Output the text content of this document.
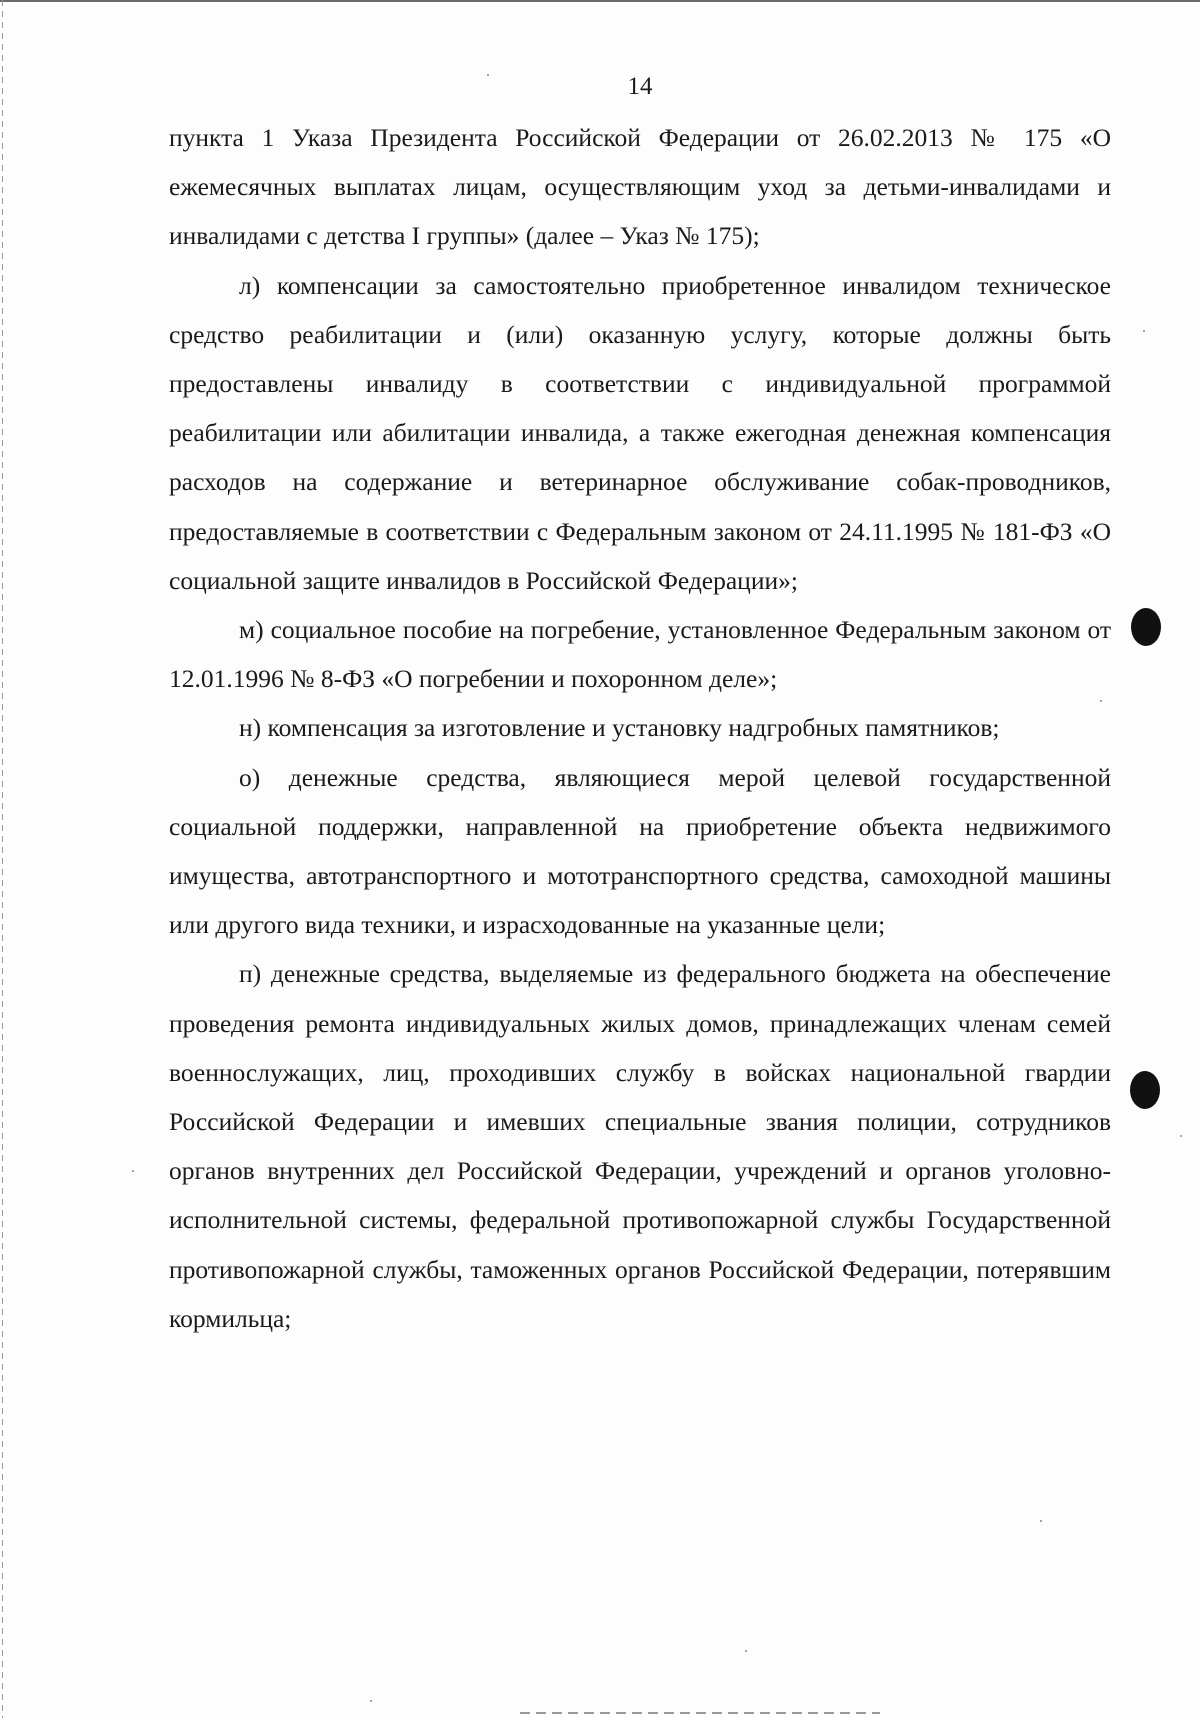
14

пункта 1 Указа Президента Российской Федерации от 26.02.2013 № 175 «О ежемесячных выплатах лицам, осуществляющим уход за детьми-инвалидами и инвалидами с детства I группы» (далее – Указ № 175);

л) компенсации за самостоятельно приобретенное инвалидом техническое средство реабилитации и (или) оказанную услугу, которые должны быть предоставлены инвалиду в соответствии с индивидуальной программой реабилитации или абилитации инвалида, а также ежегодная денежная компенсация расходов на содержание и ветеринарное обслуживание собак-проводников, предоставляемые в соответствии с Федеральным законом от 24.11.1995 № 181-ФЗ «О социальной защите инвалидов в Российской Федерации»;

м) социальное пособие на погребение, установленное Федеральным законом от 12.01.1996 № 8-ФЗ «О погребении и похоронном деле»;

н) компенсация за изготовление и установку надгробных памятников;

о) денежные средства, являющиеся мерой целевой государственной социальной поддержки, направленной на приобретение объекта недвижимого имущества, автотранспортного и мототранспортного средства, самоходной машины или другого вида техники, и израсходованные на указанные цели;

п) денежные средства, выделяемые из федерального бюджета на обеспечение проведения ремонта индивидуальных жилых домов, принадлежащих членам семей военнослужащих, лиц, проходивших службу в войсках национальной гвардии Российской Федерации и имевших специальные звания полиции, сотрудников органов внутренних дел Российской Федерации, учреждений и органов уголовно-исполнительной системы, федеральной противопожарной службы Государственной противопожарной службы, таможенных органов Российской Федерации, потерявшим кормильца;
